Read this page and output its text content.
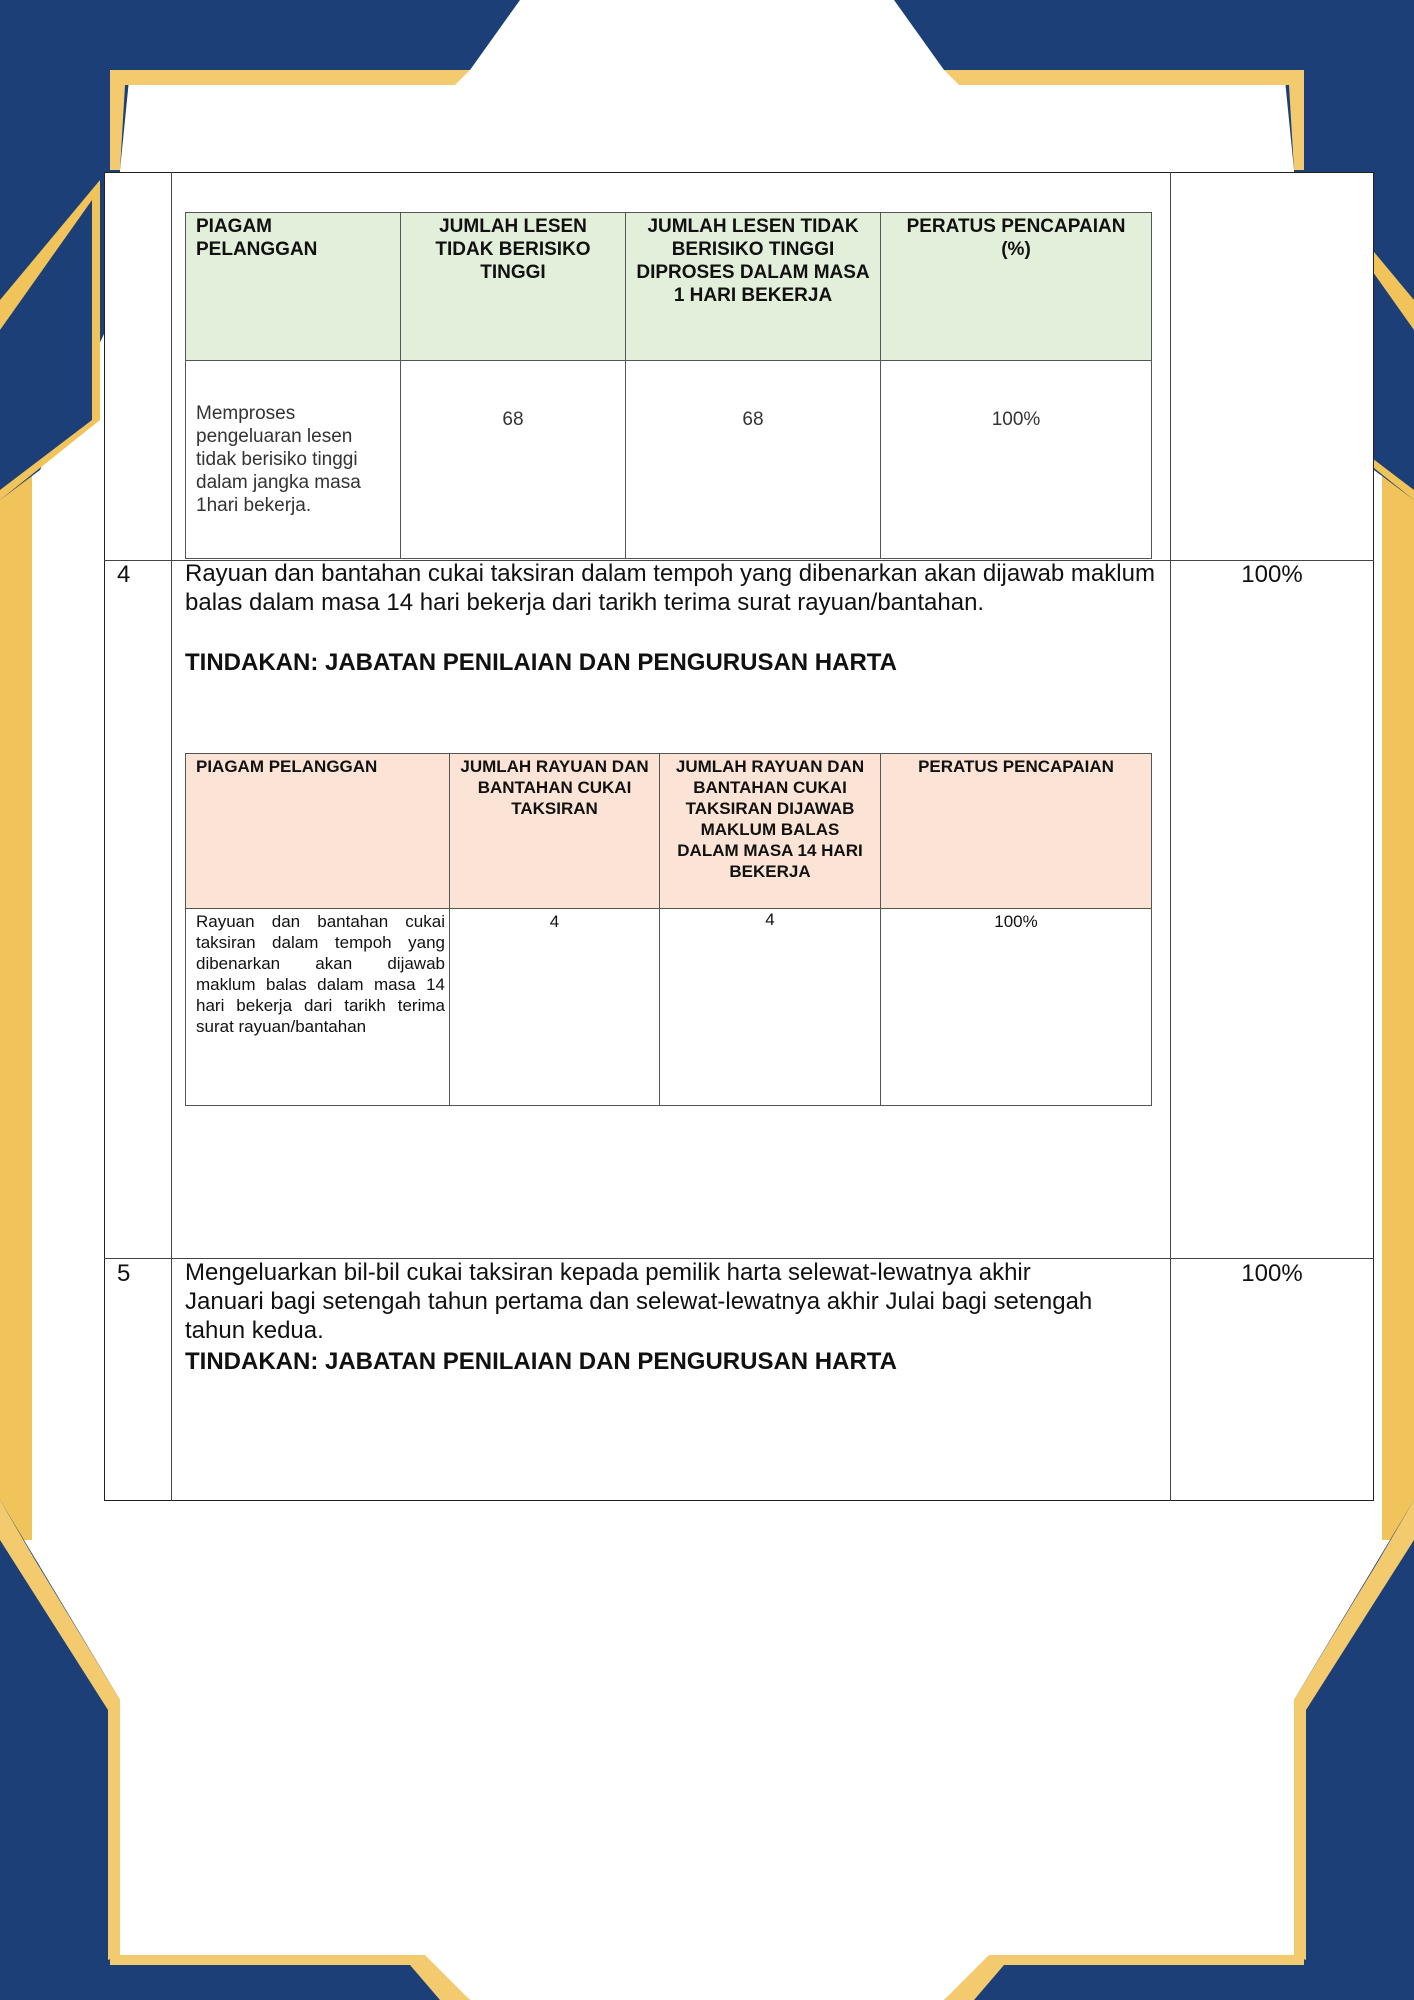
PIAGAM PELANGGAN	JUMLAH LESEN TIDAK BERISIKO TINGGI	JUMLAH LESEN TIDAK BERISIKO TINGGI DIPROSES DALAM MASA 1 HARI BEKERJA	PERATUS PENCAPAIAN (%)
Memproses pengeluaran lesen tidak berisiko tinggi dalam jangka masa 1hari bekerja.	68	68	100%
4 Rayuan dan bantahan cukai taksiran dalam tempoh yang dibenarkan akan dijawab maklum balas dalam masa 14 hari bekerja dari tarikh terima surat rayuan/bantahan.
TINDAKAN: JABATAN PENILAIAN DAN PENGURUSAN HARTA
100%
PIAGAM PELANGGAN	JUMLAH RAYUAN DAN BANTAHAN CUKAI TAKSIRAN	JUMLAH RAYUAN DAN BANTAHAN CUKAI TAKSIRAN DIJAWAB MAKLUM BALAS DALAM MASA 14 HARI BEKERJA	PERATUS PENCAPAIAN
Rayuan dan bantahan cukai taksiran dalam tempoh yang dibenarkan akan dijawab maklum balas dalam masa 14 hari bekerja dari tarikh terima surat rayuan/bantahan	4	4	100%
5 Mengeluarkan bil-bil cukai taksiran kepada pemilik harta selewat-lewatnya akhir Januari bagi setengah tahun pertama dan selewat-lewatnya akhir Julai bagi setengah tahun kedua.
TINDAKAN: JABATAN PENILAIAN DAN PENGURUSAN HARTA
100%
